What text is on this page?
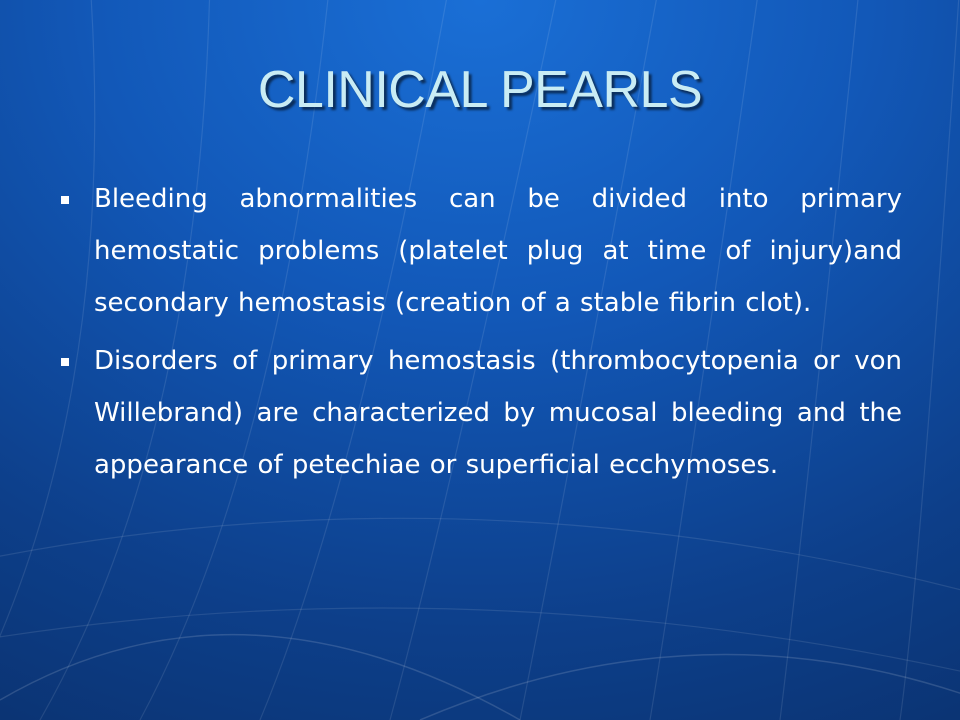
CLINICAL PEARLS
Bleeding abnormalities can be divided into primary hemostatic problems (platelet plug at time of injury)and secondary hemostasis (creation of a stable fibrin clot).
Disorders of primary hemostasis (thrombocytopenia or von Willebrand) are characterized by mucosal bleeding and the appearance of petechiae or superficial ecchymoses.
